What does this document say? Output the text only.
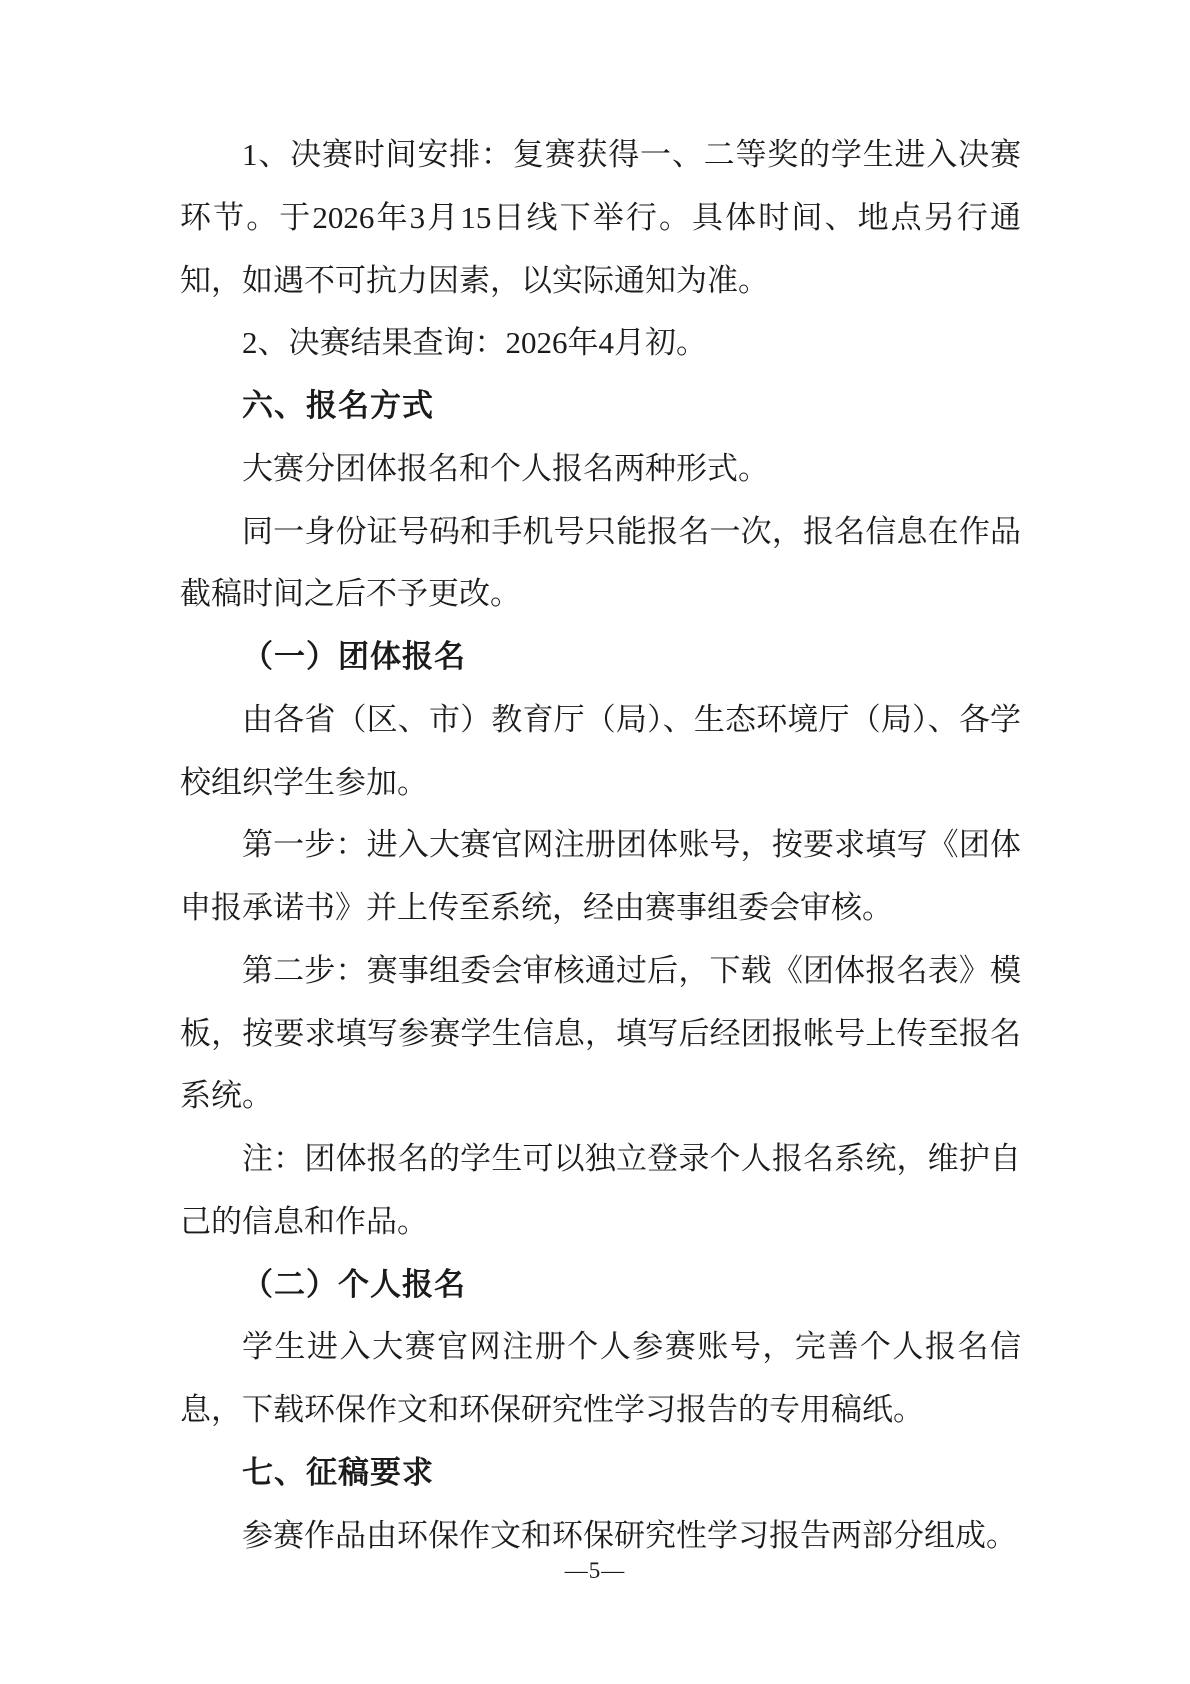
1、决赛时间安排：复赛获得一、二等奖的学生进入决赛环节。于2026年3月15日线下举行。具体时间、地点另行通知，如遇不可抗力因素，以实际通知为准。

2、决赛结果查询：2026年4月初。

六、报名方式

大赛分团体报名和个人报名两种形式。

同一身份证号码和手机号只能报名一次，报名信息在作品截稿时间之后不予更改。

（一）团体报名

由各省（区、市）教育厅（局）、生态环境厅（局）、各学校组织学生参加。

第一步：进入大赛官网注册团体账号，按要求填写《团体申报承诺书》并上传至系统，经由赛事组委会审核。

第二步：赛事组委会审核通过后，下载《团体报名表》模板，按要求填写参赛学生信息，填写后经团报帐号上传至报名系统。

注：团体报名的学生可以独立登录个人报名系统，维护自己的信息和作品。

（二）个人报名

学生进入大赛官网注册个人参赛账号，完善个人报名信息，下载环保作文和环保研究性学习报告的专用稿纸。

七、征稿要求

参赛作品由环保作文和环保研究性学习报告两部分组成。

—5—
